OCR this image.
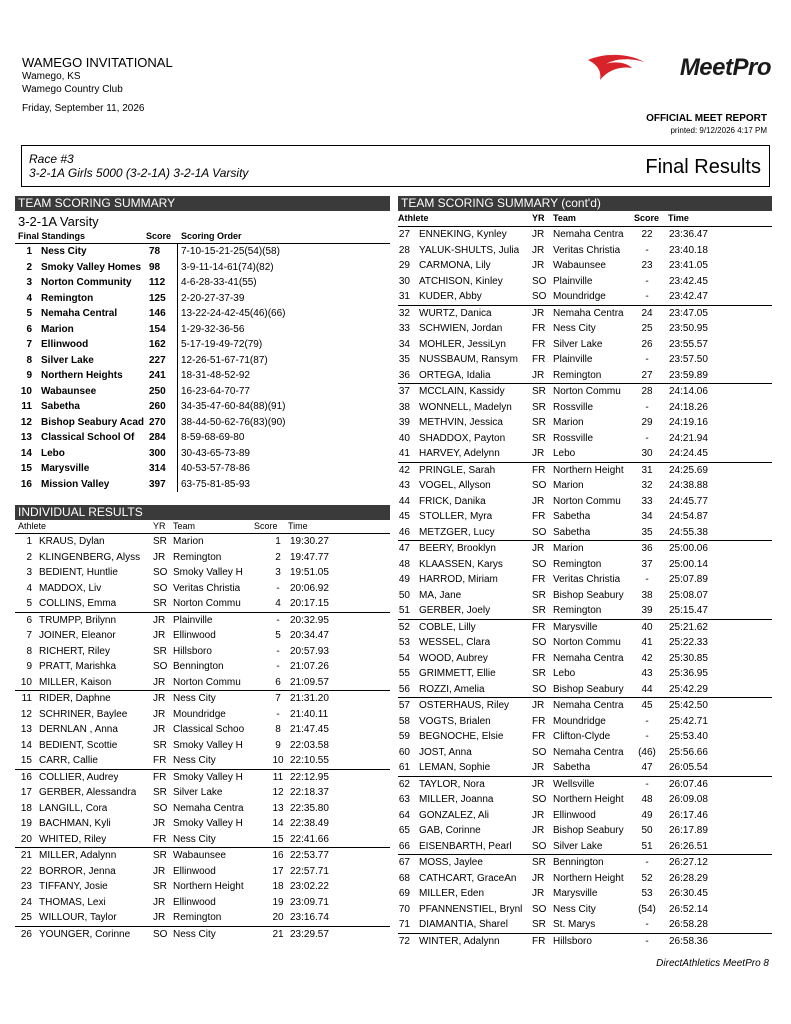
WAMEGO INVITATIONAL
Wamego, KS
Wamego Country Club
Friday, September 11, 2026
MeetPro
OFFICIAL MEET REPORT
printed: 9/12/2026 4:17 PM
Race #3
3-2-1A Girls 5000 (3-2-1A) 3-2-1A Varsity	Final Results
TEAM SCORING SUMMARY
3-2-1A Varsity
Final Standings	Score Scoring Order
1 Ness City	78 7-10-15-21-25(54)(58)
2 Smoky Valley Homes 98 3-9-11-14-61(74)(82)
3 Norton Community 112 4-6-28-33-41(55)
4 Remington	125 2-20-27-37-39
5 Nemaha Central	146 13-22-24-42-45(46)(66)
6 Marion	154 1-29-32-36-56
7 Ellinwood	162 5-17-19-49-72(79)
8 Silver Lake	227 12-26-51-67-71(87)
9 Northern Heights	241 18-31-48-52-92
10 Wabaunsee	250 16-23-64-70-77
11 Sabetha	260 34-35-47-60-84(88)(91)
12 Bishop Seabury Acad 270 38-44-50-62-76(83)(90)
13 Classical School Of 284 8-59-68-69-80
14 Lebo	300 30-43-65-73-89
15 Marysville	314 40-53-57-78-86
16 Mission Valley	397 63-75-81-85-93
INDIVIDUAL RESULTS
Athlete	YR Team	Score Time
1 KRAUS, Dylan	SR Marion	1 19:30.27
2 KLINGENBERG, Alyss JR Remington	2 19:47.77
3 BEDIENT, Huntlie	SO Smoky Valley H	3 19:51.05
4 MADDOX, Liv	SO Veritas Christia	-	20:06.92
5 COLLINS, Emma	SR Norton Commu	4 20:17.15
6 TRUMPP, Brilynn	JR Plainville	-	20:32.95
7 JOINER, Eleanor	JR Ellinwood	5 20:34.47
8 RICHERT, Riley	SR Hillsboro	-	20:57.93
9 PRATT, Marishka	SO Bennington	-	21:07.26
10 MILLER, Kaison	JR Norton Commu	6 21:09.57
11 RIDER, Daphne	JR Ness City	7 21:31.20
12 SCHRINER, Baylee	JR Moundridge	-	21:40.11
13 DERNLAN , Anna	JR Classical Schoo	8 21:47.45
14 BEDIENT, Scottie	SR Smoky Valley H	9 22:03.58
15 CARR, Callie	FR Ness City	10 22:10.55
16 COLLIER, Audrey	FR Smoky Valley H	11 22:12.95
17 GERBER, Alessandra SR Silver Lake	12 22:18.37
18 LANGILL, Cora	SO Nemaha Centra	13 22:35.80
19 BACHMAN, Kyli	JR Smoky Valley H	14 22:38.49
20 WHITED, Riley	FR Ness City	15 22:41.66
21 MILLER, Adalynn	SR Wabaunsee	16 22:53.77
22 BORROR, Jenna	JR Ellinwood	17 22:57.71
23 TIFFANY, Josie	SR Northern Height	18 23:02.22
24 THOMAS, Lexi	JR Ellinwood	19 23:09.71
25 WILLOUR, Taylor	JR Remington	20 23:16.74
26 YOUNGER, Corinne SO Ness City	21 23:29.57
TEAM SCORING SUMMARY (cont'd)
Athlete	YR Team	Score Time
27 ENNEKING, Kynley	JR Nemaha Centra	22	23:36.47
28 YALUK-SHULTS, Julia JR Veritas Christia	-	23:40.18
29 CARMONA, Lily	JR Wabaunsee	23	23:41.05
30 ATCHISON, Kinley	SO Plainville	-	23:42.45
31 KUDER, Abby	SO Moundridge	-	23:42.47
32 WURTZ, Danica	JR Nemaha Centra	24	23:47.05
33 SCHWIEN, Jordan	FR Ness City	25	23:50.95
34 MOHLER, JessiLyn	FR Silver Lake	26	23:55.57
35 NUSSBAUM, Ransym FR Plainville	-	23:57.50
36 ORTEGA, Idalia	JR Remington	27	23:59.89
37 MCCLAIN, Kassidy	SR Norton Commu	28	24:14.06
38 WONNELL, Madelyn SR Rossville	-	24:18.26
39 METHVIN, Jessica	SR Marion	29	24:19.16
40 SHADDOX, Payton	SR Rossville	-	24:21.94
41 HARVEY, Adelynn	JR Lebo	30	24:24.45
42 PRINGLE, Sarah	FR Northern Height	31	24:25.69
43 VOGEL, Allyson	SO Marion	32	24:38.88
44 FRICK, Danika	JR Norton Commu	33	24:45.77
45 STOLLER, Myra	FR Sabetha	34	24:54.87
46 METZGER, Lucy	SO Sabetha	35	24:55.38
47 BEERY, Brooklyn	JR Marion	36	25:00.06
48 KLAASSEN, Karys	SO Remington	37	25:00.14
49 HARROD, Miriam	FR Veritas Christia	-	25:07.89
50 MA, Jane	SR Bishop Seabury	38	25:08.07
51 GERBER, Joely	SR Remington	39	25:15.47
52 COBLE, Lilly	FR Marysville	40	25:21.62
53 WESSEL, Clara	SO Norton Commu	41	25:22.33
54 WOOD, Aubrey	FR Nemaha Centra	42	25:30.85
55 GRIMMETT, Ellie	SR Lebo	43	25:36.95
56 ROZZI, Amelia	SO Bishop Seabury	44	25:42.29
57 OSTERHAUS, Riley JR Nemaha Centra	45	25:42.50
58 VOGTS, Brialen	FR Moundridge	-	25:42.71
59 BEGNOCHE, Elsie	FR Clifton-Clyde	-	25:53.40
60 JOST, Anna	SO Nemaha Centra	(46)	25:56.66
61 LEMAN, Sophie	JR Sabetha	47	26:05.54
62 TAYLOR, Nora	JR Wellsville	-	26:07.46
63 MILLER, Joanna	SO Northern Height	48	26:09.08
64 GONZALEZ, Ali	JR Ellinwood	49	26:17.46
65 GAB, Corinne	JR Bishop Seabury	50	26:17.89
66 EISENBARTH, Pearl SO Silver Lake	51	26:26.51
67 MOSS, Jaylee	SR Bennington	-	26:27.12
68 CATHCART, GraceAn JR Northern Height	52	26:28.29
69 MILLER, Eden	JR Marysville	53	26:30.45
70 PFANNENSTIEL, Brynl SO Ness City	(54)	26:52.14
71 DIAMANTIA, Sharel SR St. Marys	-	26:58.28
72 WINTER, Adalynn	FR Hillsboro	-	26:58.36
DirectAthletics MeetPro 8
